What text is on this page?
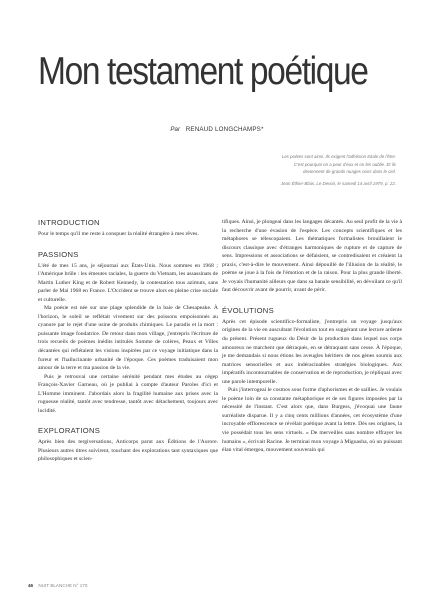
Mon testament poétique
Par RENAUD LONGCHAMPS*
Les poètes sont ainsi. Ils exigent l'adhésion totale de l'être.
C'est pourquoi on a peur d'eux et on les oublie. Et ils
deviennent de grands nuages noirs dans le ciel.
Jean Éthier-Blais, Le Devoir, le samedi 14 avril 1979, p. 22.
INTRODUCTION

Pour le temps qu'il me reste à conspuer la réalité étrangère à mes rêves.

PASSIONS

L'été de mes 15 ans, je séjournai aux États-Unis. Nous sommes en 1968 ; l'Amérique brûle : les émeutes raciales, la guerre du Vietnam, les assassinats de Martin Luther King et de Robert Kennedy, la contestation tous azimuts, sans parler de Mai 1968 en France. L'Occident se trouve alors en pleine crise sociale et culturelle.

Ma poésie est née sur une plage splendide de la baie de Chesapeake. À l'horizon, le soleil se reflétait vivement sur des poissons empoisonnés au cyanure par le rejet d'une usine de produits chimiques. Le paradis et la mort : puissante image fondatrice. De retour dans mon village, j'entrepris l'écriture de trois recueils de poèmes inédits intitulés Somme de colères, Peaux et Villes décantées qui reflétaient les visions inspirées par ce voyage initiatique dans la fureur et l'hallucinante urbanité de l'époque. Ces poèmes traduisaient mon amour de la terre et ma passion de la vie.

Puis je retrouvai une certaine sérénité pendant mes études au cégep François-Xavier Garneau, où je publiai à compte d'auteur Paroles d'ici et L'Homme imminent. J'abordais alors la fragilité humaine aux prises avec la rugueuse réalité, tantôt avec tendresse, tantôt avec détachement, toujours avec lucidité.

EXPLORATIONS

Après bien des tergiversations, Anticorps parut aux Éditions de l'Aurore. Plusieurs autres titres suivirent, touchant des explorations tant syntaxiques que philosophiques et scien-

tifiques. Ainsi, je plongeai dans les langages décantés. Au seul profit de la vie à la recherche d'une évasion de l'espèce. Les concepts scientifiques et les métaphores se télescopaient. Les thématiques formalistes brouillaient le discours classique avec d'étranges harmoniques de rupture et de capture de sens. Impressions et associations se défaisient, se contredisaient et créaient la praxis, c'est-à-dire le mouvement. Ainsi dépouillé de l'illusion de la réalité, le poème se joue à la fois de l'émotion et de la raison. Pour la plus grande liberté. Je voyais l'humanité ailleurs que dans sa banale sensibilité, en dévoilant ce qu'il faut découvrir avant de pourrir, avant de périr.

ÉVOLUTIONS

Après cet épisode scientifico-formaliste, j'entrepris un voyage jusqu'aux origines de la vie en auscultant l'évolution tout en suggérant une lecture ardente du présent. Présent rugueux du Désir de la production dans lequel nos corps amoureux ne marchent que détraqués, en se détraquant sans cesse. À l'époque, je me demandais si nous étions les aveugles héritiers de nos gènes soumis aux matrices sensorielles et aux indéracinables stratégies biologiques. Aux impératifs incontournables de conservation et de reproduction, je répliquai avec une parole intemporelle.

Puis j'interrogeai le cosmos sous forme d'aphorismes et de saillies. Je voulais le poème loin de sa constante métaphorique et de ses figures imposées par la nécessité de l'instant. C'est alors que, dans Burgess, j'évoquai une faune surréaliste disparue. Il y a cinq cents millions d'années, cet écosystème d'une incroyable efflorescence se révélait poétique avant la lettre. Dès ses origines, la vie possédait tous les sens virtuels. « De merveilles sans nombre effrayer les humains », écrivait Racine. Je terminai mon voyage à Miguasha, où un puissant élan vital émergea, mouvement souverain qui

46 NUIT BLANCHE N° 170
